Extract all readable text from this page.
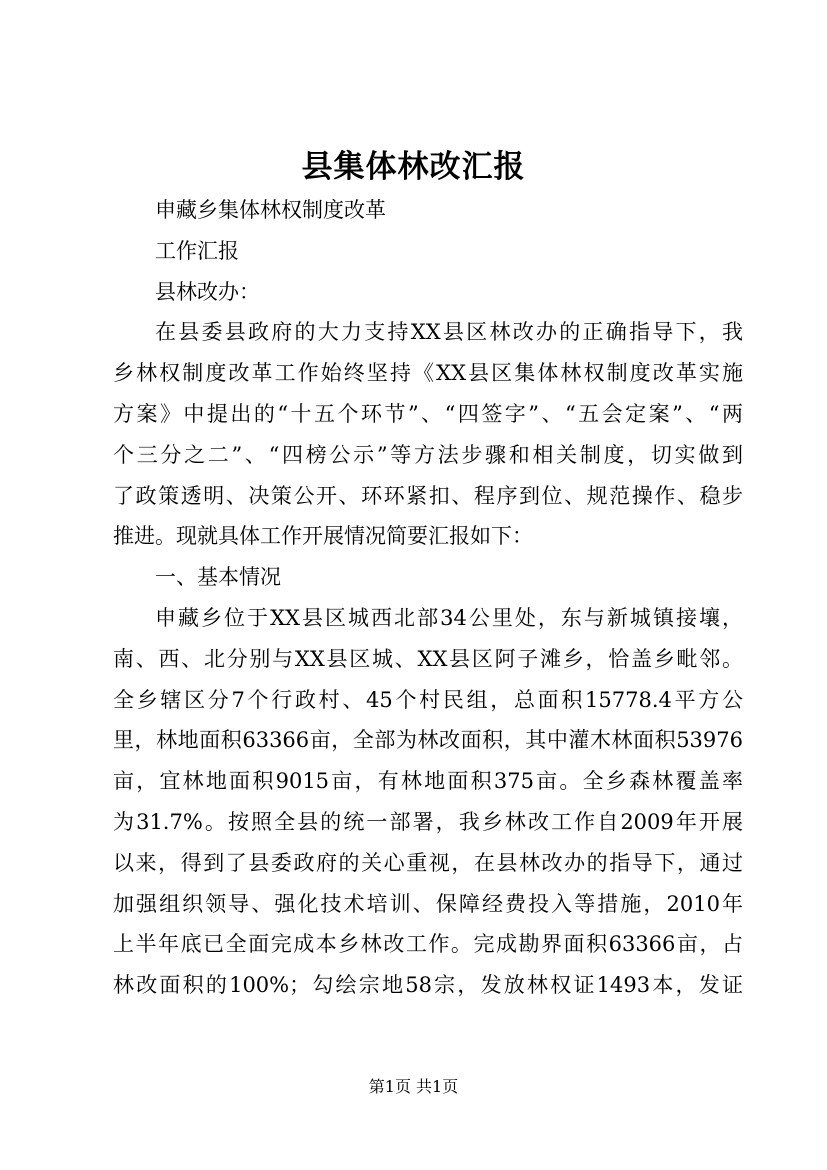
县集体林改汇报
申藏乡集体林权制度改革
工作汇报
县林改办：
在县委县政府的大力支持XX县区林改办的正确指导下，我
乡林权制度改革工作始终坚持《XX县区集体林权制度改革实施
方案》中提出的“十五个环节”、“四签字”、“五会定案”、“两
个三分之二”、“四榜公示”等方法步骤和相关制度，切实做到
了政策透明、决策公开、环环紧扣、程序到位、规范操作、稳步
推进。现就具体工作开展情况简要汇报如下：
一、基本情况
申藏乡位于XX县区城西北部34公里处，东与新城镇接壤，
南、西、北分别与XX县区城、XX县区阿子滩乡，恰盖乡毗邻。
全乡辖区分7个行政村、45个村民组，总面积15778.4平方公
里，林地面积63366亩，全部为林改面积，其中灌木林面积53976
亩，宜林地面积9015亩，有林地面积375亩。全乡森林覆盖率
为31.7%。按照全县的统一部署，我乡林改工作自2009年开展
以来，得到了县委政府的关心重视，在县林改办的指导下，通过
加强组织领导、强化技术培训、保障经费投入等措施，2010年
上半年底已全面完成本乡林改工作。完成勘界面积63366亩，占
林改面积的100%；勾绘宗地58宗，发放林权证1493本，发证
第1页 共1页
